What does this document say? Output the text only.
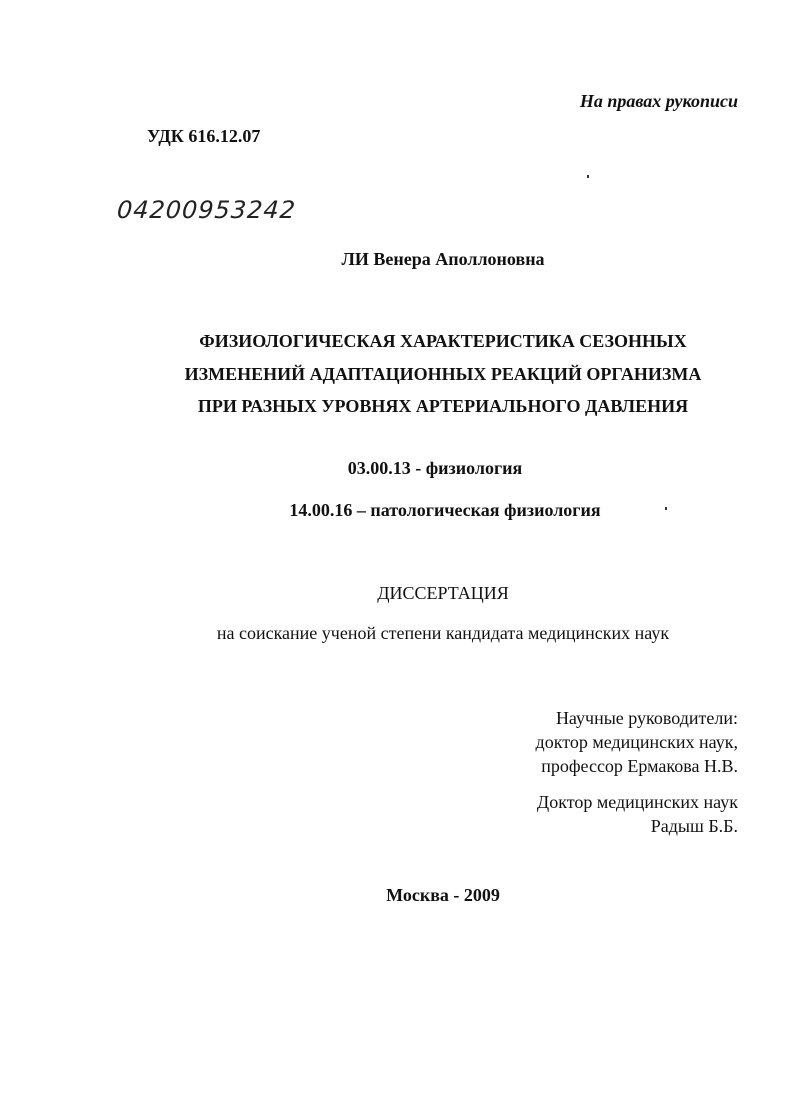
На правах рукописи
УДК 616.12.07
04200953242
ЛИ Венера Аполлоновна
ФИЗИОЛОГИЧЕСКАЯ ХАРАКТЕРИСТИКА СЕЗОННЫХ
ИЗМЕНЕНИЙ АДАПТАЦИОННЫХ РЕАКЦИЙ ОРГАНИЗМА
ПРИ РАЗНЫХ УРОВНЯХ АРТЕРИАЛЬНОГО ДАВЛЕНИЯ
03.00.13 - физиология
14.00.16 – патологическая физиология
ДИССЕРТАЦИЯ
на соискание ученой степени кандидата медицинских наук
Научные руководители:
доктор медицинских наук,
профессор Ермакова Н.В.
Доктор медицинских наук
Радыш Б.Б.
Москва - 2009
